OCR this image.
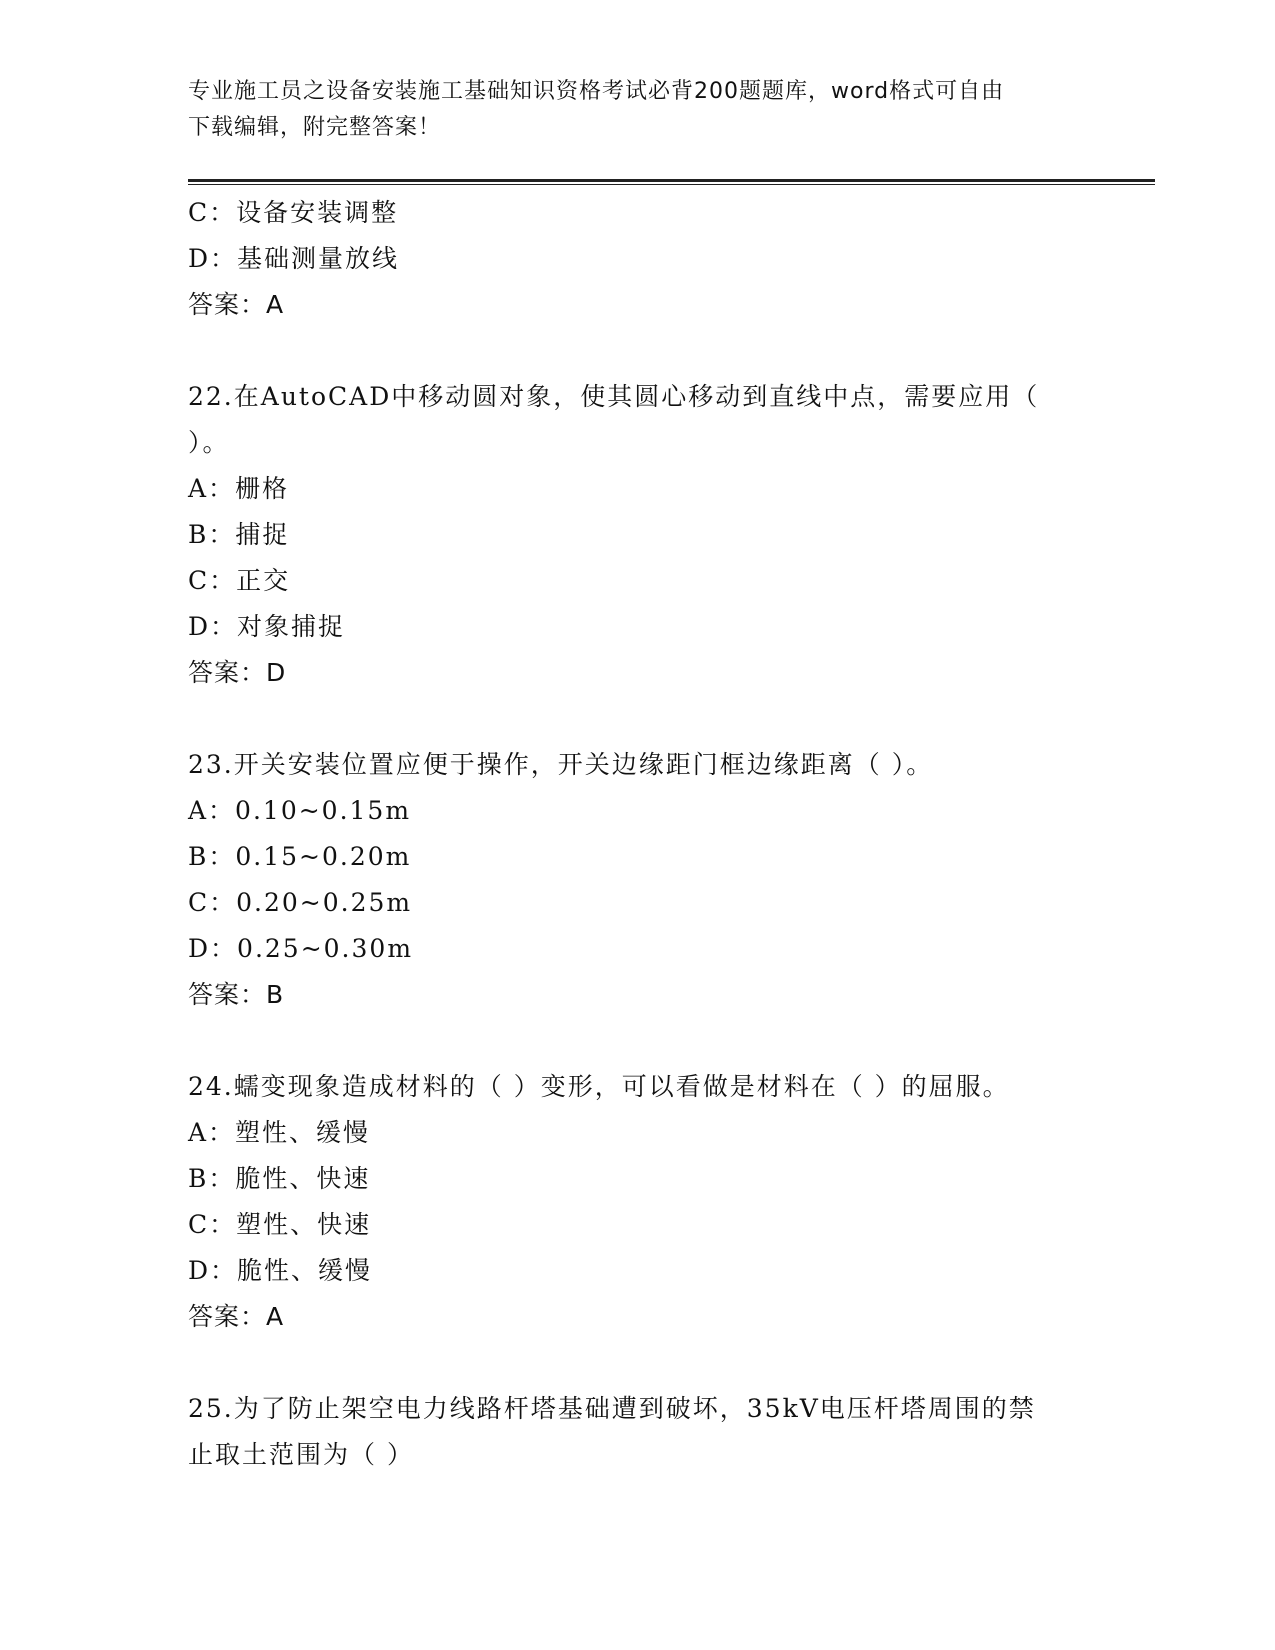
专业施工员之设备安装施工基础知识资格考试必背200题题库，word格式可自由
下载编辑，附完整答案！
C：设备安装调整
D：基础测量放线
答案：A
22.在AutoCAD中移动圆对象，使其圆心移动到直线中点，需要应用（
）。
A：栅格
B：捕捉
C：正交
D：对象捕捉
答案：D
23.开关安装位置应便于操作，开关边缘距门框边缘距离（ ）。
A：0.10~0.15m
B：0.15~0.20m
C：0.20~0.25m
D：0.25~0.30m
答案：B
24.蠕变现象造成材料的（ ）变形，可以看做是材料在（ ）的屈服。
A：塑性、缓慢
B：脆性、快速
C：塑性、快速
D：脆性、缓慢
答案：A
25.为了防止架空电力线路杆塔基础遭到破坏，35kV电压杆塔周围的禁
止取土范围为（ ）
